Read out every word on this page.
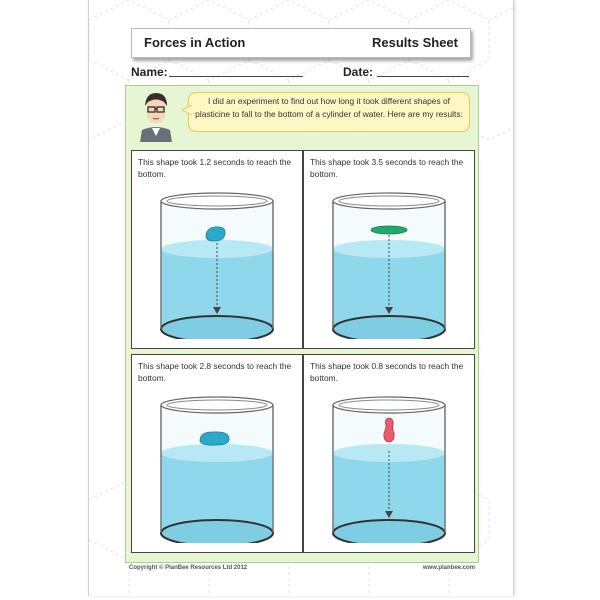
Forces in Action	Results Sheet
Name:	Date:
I did an experiment to find out how long it took different shapes of plasticine to fall to the bottom of a cylinder of water. Here are my results:
This shape took 1.2 seconds to reach the bottom.
This shape took 3.5 seconds to reach the bottom.
This shape took 2.8 seconds to reach the bottom.
This shape took 0.8 seconds to reach the bottom.
Copyright © PlanBee Resources Ltd 2012	www.planbee.com
